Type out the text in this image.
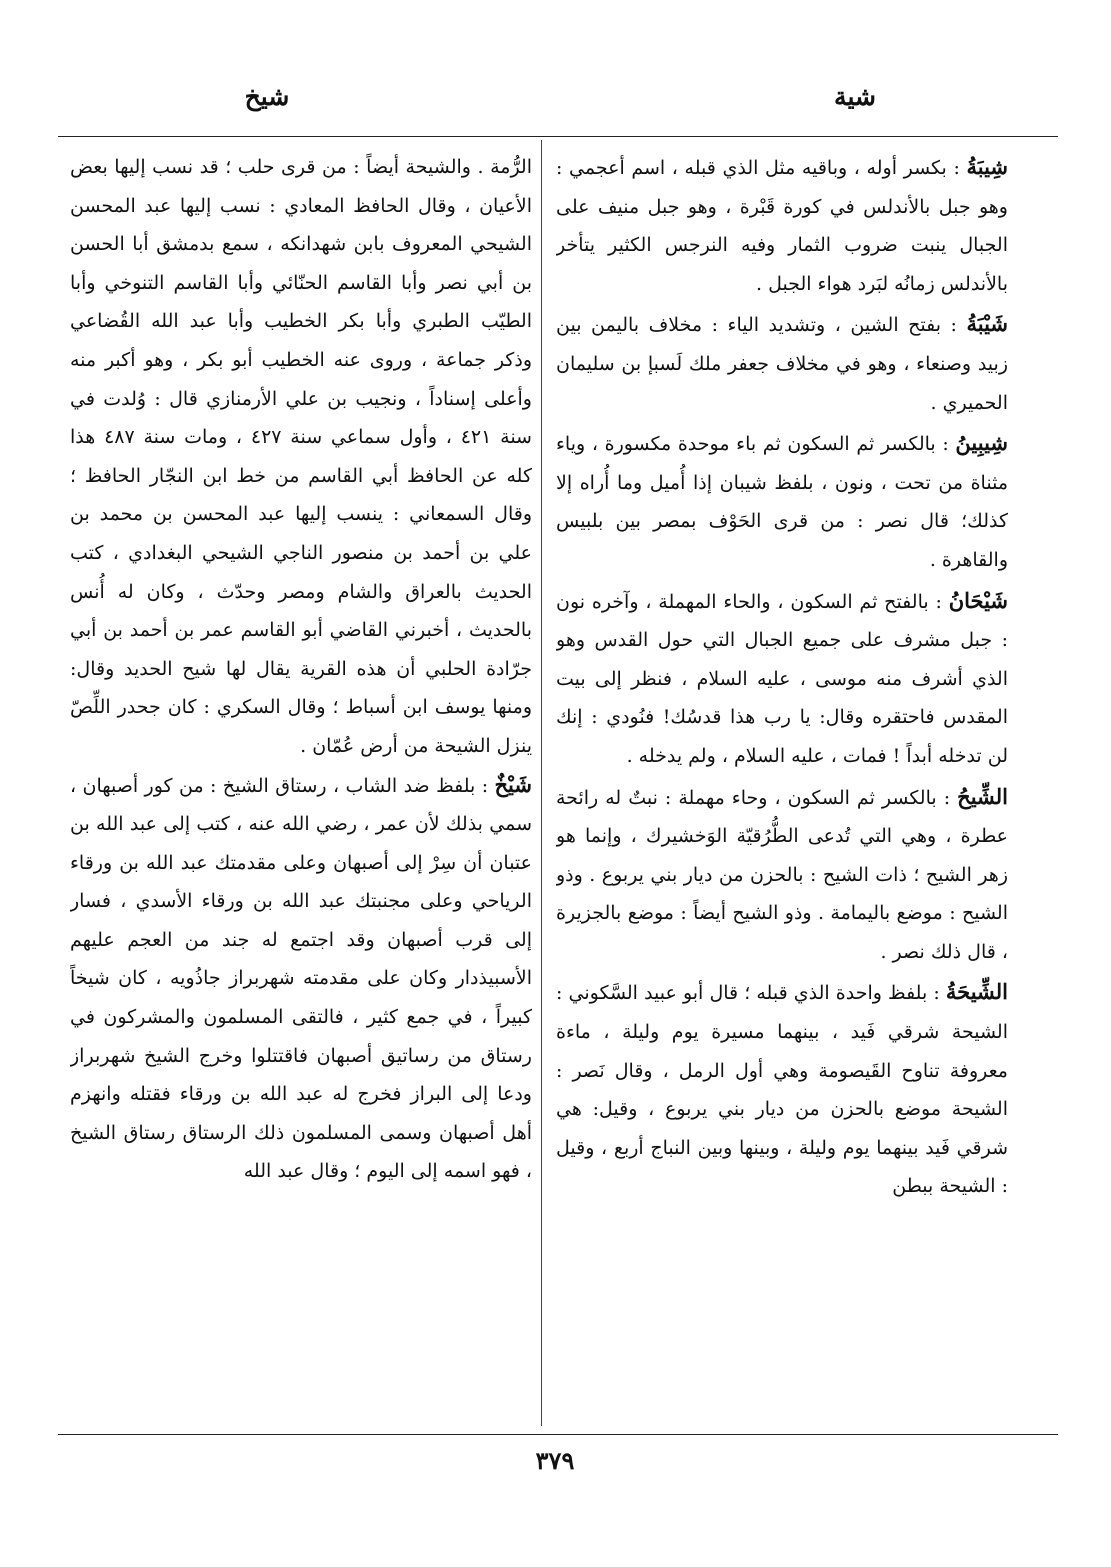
شية
شيخ

شِيبَةُ : بكسر أوله ، وباقيه مثل الذي قبله ، اسم أعجمي : وهو جبل بالأندلس في كورة قَبْرة ، وهو جبل منيف على الجبال ينبت ضروب الثمار وفيه النرجس الكثير يتأخر بالأندلس زمانُه لبَرد هواء الجبل .

شَيْبَةُ : بفتح الشين ، وتشديد الياء : مخلاف باليمن بين زبيد وصنعاء ، وهو في مخلاف جعفر ملك لَسبإ بن سليمان الحميري .

شِيبِينُ : بالكسر ثم السكون ثم باء موحدة مكسورة ، وياء مثناة من تحت ، ونون ، بلفظ شيبان إذا أُميل وما أُراه إلا كذلك؛ قال نصر : من قرى الحَوْف بمصر بين بلبيس والقاهرة .

شَيْحَانُ : بالفتح ثم السكون ، والحاء المهملة ، وآخره نون : جبل مشرف على جميع الجبال التي حول القدس وهو الذي أشرف منه موسى ، عليه السلام ، فنظر إلى بيت المقدس فاحتقره وقال: يا رب هذا قدسُك! فنُودي : إنك لن تدخله أبداً ! فمات ، عليه السلام ، ولم يدخله .

الشِّيحُ : بالكسر ثم السكون ، وحاء مهملة : نبتٌ له رائحة عطرة ، وهي التي تُدعى الطُّرُقيّة الوَخشيرك ، وإنما هو زهر الشيح ؛ ذات الشيح : بالحزن من ديار بني يربوع . وذو الشيح : موضع باليمامة . وذو الشيح أيضاً : موضع بالجزيرة ، قال ذلك نصر .

الشِّيحَةُ : بلفظ واحدة الذي قبله ؛ قال أبو عبيد السَّكوني : الشيحة شرقي فَيد ، بينهما مسيرة يوم وليلة ، ماءة معروفة تناوح القَيصومة وهي أول الرمل ، وقال نَصر : الشيحة موضع بالحزن من ديار بني يربوع ، وقيل: هي شرقي فَيد بينهما يوم وليلة ، وبينها وبين النباج أربع ، وقيل : الشيحة ببطن

الرُّمة . والشيحة أيضاً : من قرى حلب ؛ قد نسب إليها بعض الأعيان ، وقال الحافظ المعادي : نسب إليها عبد المحسن الشيحي المعروف بابن شهدانكه ، سمع بدمشق أبا الحسن بن أبي نصر وأبا القاسم الحنّائي وأبا القاسم التنوخي وأبا الطيّب الطبري وأبا بكر الخطيب وأبا عبد الله القُضاعي وذكر جماعة ، وروى عنه الخطيب أبو بكر ، وهو أكبر منه وأعلى إسناداً ، ونجيب بن علي الأرمنازي قال : وُلدت في سنة ٤٢١ ، وأول سماعي سنة ٤٢٧ ، ومات سنة ٤٨٧ هذا كله عن الحافظ أبي القاسم من خط ابن النجّار الحافظ ؛ وقال السمعاني : ينسب إليها عبد المحسن بن محمد بن علي بن أحمد بن منصور الناجي الشيحي البغدادي ، كتب الحديث بالعراق والشام ومصر وحدّث ، وكان له أُنس بالحديث ، أخبرني القاضي أبو القاسم عمر بن أحمد بن أبي جرّادة الحلبي أن هذه القرية يقال لها شيح الحديد وقال: ومنها يوسف ابن أسباط ؛ وقال السكري : كان جحدر اللِّصّ ينزل الشيحة من أرض عُمّان .

شَيْخٌ : بلفظ ضد الشاب ، رستاق الشيخ : من كور أصبهان ، سمي بذلك لأن عمر ، رضي الله عنه ، كتب إلى عبد الله بن عتبان أن سِرْ إلى أصبهان وعلى مقدمتك عبد الله بن ورقاء الرياحي وعلى مجنبتك عبد الله بن ورقاء الأسدي ، فسار إلى قرب أصبهان وقد اجتمع له جند من العجم عليهم الأسبيذدار وكان على مقدمته شهربراز جاذُويه ، كان شيخاً كبيراً ، في جمع كثير ، فالتقى المسلمون والمشركون في رستاق من رساتيق أصبهان فاقتتلوا وخرج الشيخ شهربراز ودعا إلى البراز فخرج له عبد الله بن ورقاء فقتله وانهزم أهل أصبهان وسمى المسلمون ذلك الرستاق رستاق الشيخ ، فهو اسمه إلى اليوم ؛ وقال عبد الله

٣٧٩
